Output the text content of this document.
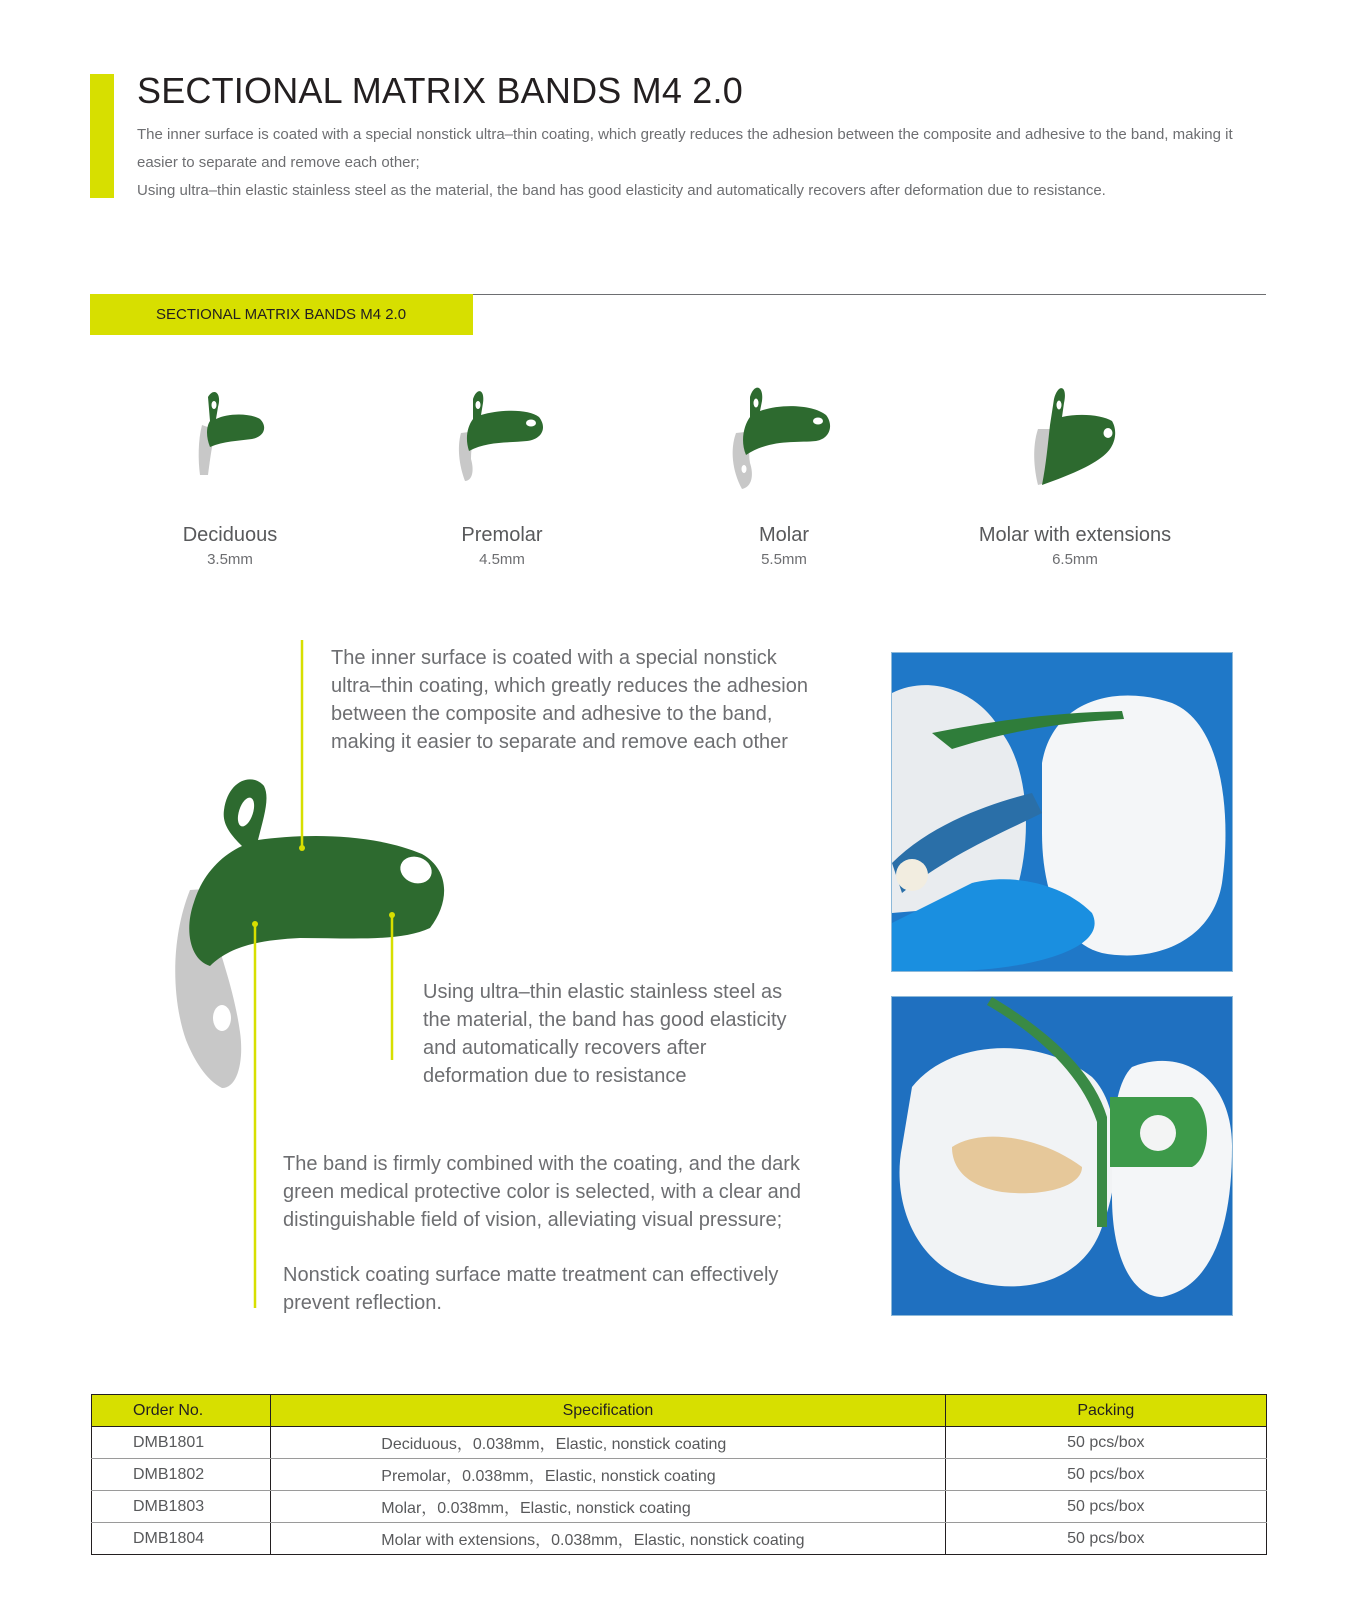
SECTIONAL MATRIX BANDS M4 2.0

The inner surface is coated with a special nonstick ultra–thin coating, which greatly reduces the adhesion between the composite and adhesive to the band, making it easier to separate and remove each other;

Using ultra–thin elastic stainless steel as the material, the band has good elasticity and automatically recovers after deformation due to resistance.

SECTIONAL MATRIX BANDS M4 2.0
Deciduous
3.5mm
Premolar
4.5mm
Molar
5.5mm
Molar with extensions
6.5mm

The inner surface is coated with a special nonstick

ultra–thin coating, which greatly reduces the adhesion

between the composite and adhesive to the band,

making it easier to separate and remove each other

Using ultra–thin elastic stainless steel as

the material, the band has good elasticity

and automatically recovers after

deformation due to resistance

The band is firmly combined with the coating, and the dark

green medical protective color is selected, with a clear and

distinguishable field of vision, alleviating visual pressure;

Nonstick coating surface matte treatment can effectively

prevent reflection.

Order No.	Specification	Packing
DMB1801	Deciduous，0.038mm，Elastic, nonstick coating	50 pcs/box
DMB1802	Premolar，0.038mm，Elastic, nonstick coating	50 pcs/box
DMB1803	Molar，0.038mm，Elastic, nonstick coating	50 pcs/box
DMB1804	Molar with extensions，0.038mm，Elastic, nonstick coating	50 pcs/box
